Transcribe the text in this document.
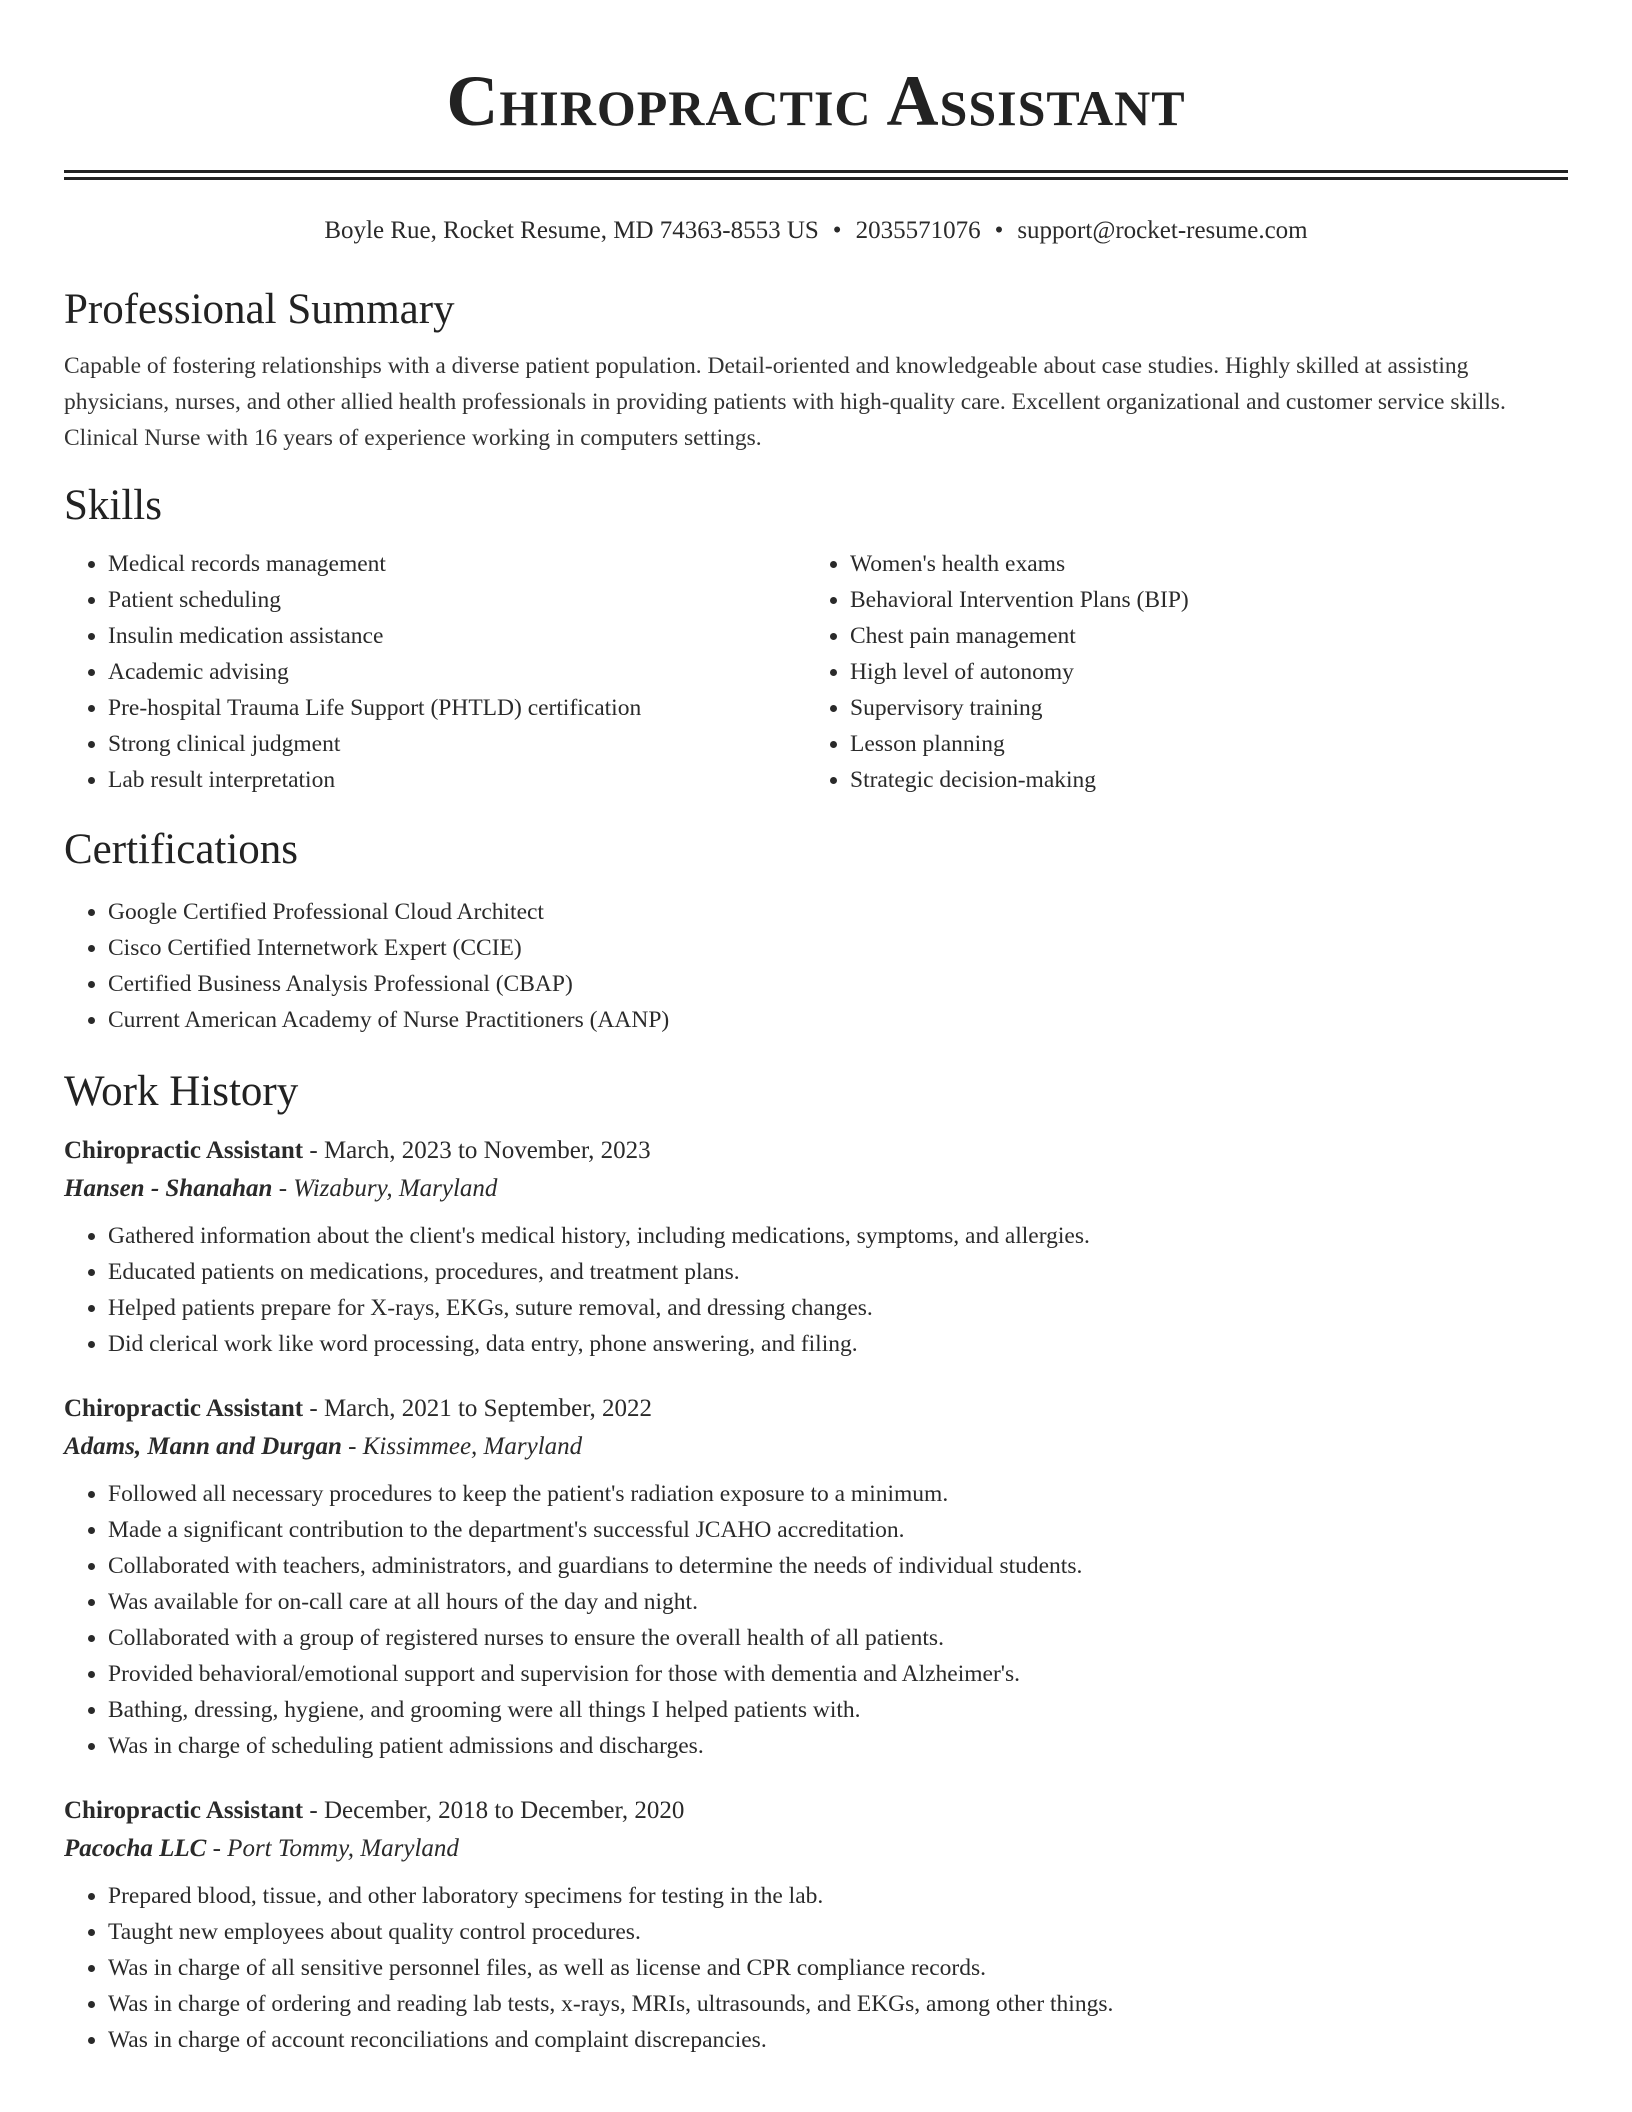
Chiropractic Assistant
Boyle Rue, Rocket Resume, MD 74363-8553 US • 2035571076 • support@rocket-resume.com
Professional Summary

Capable of fostering relationships with a diverse patient population. Detail-oriented and knowledgeable about case studies. Highly skilled at assisting physicians, nurses, and other allied health professionals in providing patients with high-quality care. Excellent organizational and customer service skills. Clinical Nurse with 16 years of experience working in computers settings.

Skills
• Medical records management
• Patient scheduling
• Insulin medication assistance
• Academic advising
• Pre-hospital Trauma Life Support (PHTLD) certification
• Strong clinical judgment
• Lab result interpretation
• Women's health exams
• Behavioral Intervention Plans (BIP)
• Chest pain management
• High level of autonomy
• Supervisory training
• Lesson planning
• Strategic decision-making
Certifications
• Google Certified Professional Cloud Architect
• Cisco Certified Internetwork Expert (CCIE)
• Certified Business Analysis Professional (CBAP)
• Current American Academy of Nurse Practitioners (AANP)
Work History
Chiropractic Assistant - March, 2023 to November, 2023
Hansen - Shanahan - Wizabury, Maryland
• Gathered information about the client's medical history, including medications, symptoms, and allergies.
• Educated patients on medications, procedures, and treatment plans.
• Helped patients prepare for X-rays, EKGs, suture removal, and dressing changes.
• Did clerical work like word processing, data entry, phone answering, and filing.
Chiropractic Assistant - March, 2021 to September, 2022
Adams, Mann and Durgan - Kissimmee, Maryland
• Followed all necessary procedures to keep the patient's radiation exposure to a minimum.
• Made a significant contribution to the department's successful JCAHO accreditation.
• Collaborated with teachers, administrators, and guardians to determine the needs of individual students.
• Was available for on-call care at all hours of the day and night.
• Collaborated with a group of registered nurses to ensure the overall health of all patients.
• Provided behavioral/emotional support and supervision for those with dementia and Alzheimer's.
• Bathing, dressing, hygiene, and grooming were all things I helped patients with.
• Was in charge of scheduling patient admissions and discharges.
Chiropractic Assistant - December, 2018 to December, 2020
Pacocha LLC - Port Tommy, Maryland
• Prepared blood, tissue, and other laboratory specimens for testing in the lab.
• Taught new employees about quality control procedures.
• Was in charge of all sensitive personnel files, as well as license and CPR compliance records.
• Was in charge of ordering and reading lab tests, x-rays, MRIs, ultrasounds, and EKGs, among other things.
• Was in charge of account reconciliations and complaint discrepancies.
